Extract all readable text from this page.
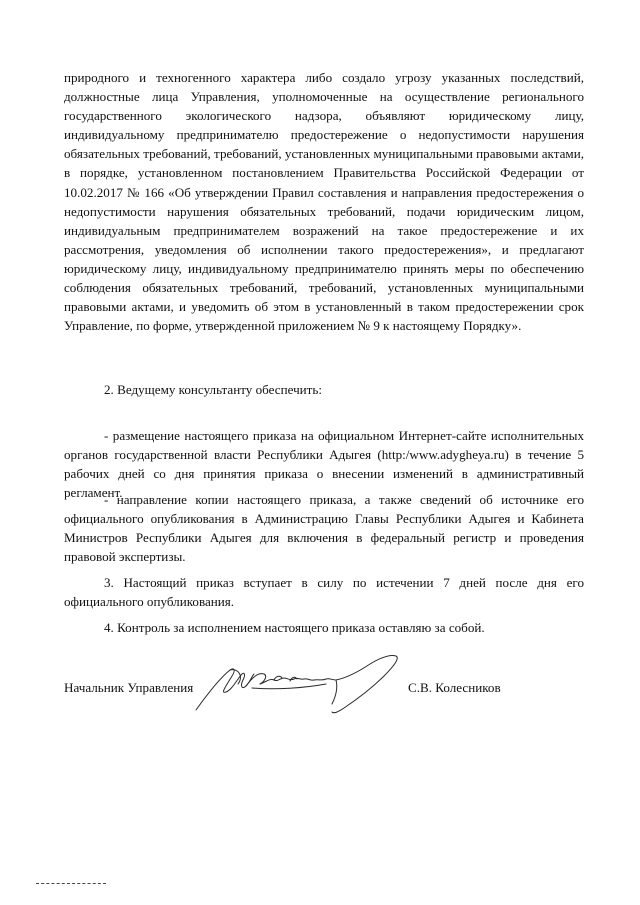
природного и техногенного характера либо создало угрозу указанных последствий, должностные лица Управления, уполномоченные на осуществление регионального государственного экологического надзора, объявляют юридическому лицу, индивидуальному предпринимателю предостережение о недопустимости нарушения обязательных требований, требований, установленных муниципальными правовыми актами, в порядке, установленном постановлением Правительства Российской Федерации от 10.02.2017 № 166 «Об утверждении Правил составления и направления предостережения о недопустимости нарушения обязательных требований, подачи юридическим лицом, индивидуальным предпринимателем возражений на такое предостережение и их рассмотрения, уведомления об исполнении такого предостережения», и предлагают юридическому лицу, индивидуальному предпринимателю принять меры по обеспечению соблюдения обязательных требований, требований, установленных муниципальными правовыми актами, и уведомить об этом в установленный в таком предостережении срок Управление, по форме, утвержденной приложением № 9 к настоящему Порядку».

2. Ведущему консультанту обеспечить:

- размещение настоящего приказа на официальном Интернет-сайте исполнительных органов государственной власти Республики Адыгея (http:/www.adygheya.ru) в течение 5 рабочих дней со дня принятия приказа о внесении изменений в административный регламент.

- направление копии настоящего приказа, а также сведений об источнике его официального опубликования в Администрацию Главы Республики Адыгея и Кабинета Министров Республики Адыгея для включения в федеральный регистр и проведения правовой экспертизы.

3. Настоящий приказ вступает в силу по истечении 7 дней после дня его официального опубликования.

4. Контроль за исполнением настоящего приказа оставляю за собой.

Начальник Управления	С.В. Колесников
